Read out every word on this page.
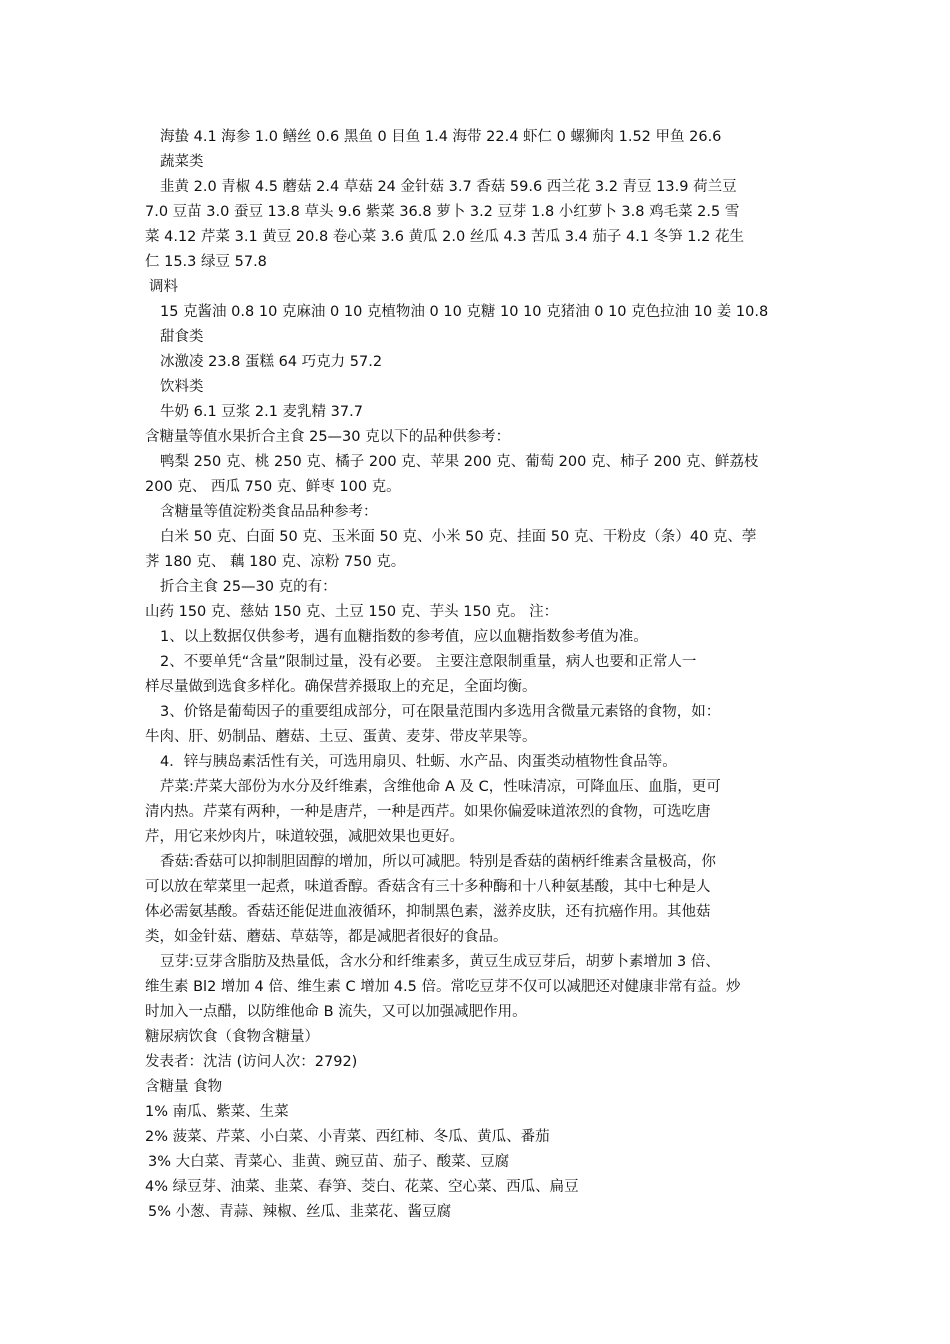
海蛰 4.1 海参 1.0 鳝丝 0.6 黑鱼 0 目鱼 1.4 海带 22.4 虾仁 0 螺狮肉 1.52 甲鱼 26.6
蔬菜类
韭黄 2.0 青椒 4.5 蘑菇 2.4 草菇 24 金针菇 3.7 香菇 59.6 西兰花 3.2 青豆 13.9 荷兰豆
7.0 豆苗 3.0 蚕豆 13.8 草头 9.6 紫菜 36.8 萝卜 3.2 豆芽 1.8 小红萝卜 3.8 鸡毛菜 2.5 雪
菜 4.12 芹菜 3.1 黄豆 20.8 卷心菜 3.6 黄瓜 2.0 丝瓜 4.3 苦瓜 3.4 茄子 4.1 冬笋 1.2 花生
仁 15.3 绿豆 57.8
调料
15 克酱油 0.8 10 克麻油 0 10 克植物油 0 10 克糖 10 10 克猪油 0 10 克色拉油 10 姜 10.8
甜食类
冰激凌 23.8 蛋糕 64 巧克力 57.2
饮料类
牛奶 6.1 豆浆 2.1 麦乳精 37.7
含糖量等值水果折合主食 25—30 克以下的品种供参考：
鸭梨 250 克、桃 250 克、橘子 200 克、苹果 200 克、葡萄 200 克、柿子 200 克、鲜荔枝
200 克、 西瓜 750 克、鲜枣 100 克。
含糖量等值淀粉类食品品种参考：
白米 50 克、白面 50 克、玉米面 50 克、小米 50 克、挂面 50 克、干粉皮（条）40 克、荸
荠 180 克、 藕 180 克、凉粉 750 克。
折合主食 25—30 克的有：
山药 150 克、慈姑 150 克、土豆 150 克、芋头 150 克。 注：
1、以上数据仅供参考，遇有血糖指数的参考值，应以血糖指数参考值为准。
2、不要单凭“含量”限制过量，没有必要。 主要注意限制重量，病人也要和正常人一
样尽量做到选食多样化。确保营养摄取上的充足，全面均衡。
3、价铬是葡萄因子的重要组成部分，可在限量范围内多选用含微量元素铬的食物，如：
牛肉、肝、奶制品、蘑菇、土豆、蛋黄、麦芽、带皮苹果等。
4．锌与胰岛素活性有关，可选用扇贝、牡蛎、水产品、肉蛋类动植物性食品等。
芹菜:芹菜大部份为水分及纤维素，含维他命 A 及 C，性味清凉，可降血压、血脂，更可
清内热。芹菜有两种，一种是唐芹，一种是西芹。如果你偏爱味道浓烈的食物，可选吃唐
芹，用它来炒肉片，味道较强，减肥效果也更好。
香菇:香菇可以抑制胆固醇的增加，所以可减肥。特别是香菇的菌柄纤维素含量极高，你
可以放在荤菜里一起煮，味道香醇。香菇含有三十多种酶和十八种氨基酸，其中七种是人
体必需氨基酸。香菇还能促进血液循环，抑制黑色素，滋养皮肤，还有抗癌作用。其他菇
类，如金针菇、蘑菇、草菇等，都是减肥者很好的食品。
豆芽:豆芽含脂肪及热量低，含水分和纤维素多，黄豆生成豆芽后，胡萝卜素增加 3 倍、
维生素 Bl2 增加 4 倍、维生素 C 增加 4.5 倍。常吃豆芽不仅可以减肥还对健康非常有益。炒
时加入一点醋，以防维他命 B 流失，又可以加强减肥作用。
糖尿病饮食（食物含糖量）
发表者：沈洁 (访问人次：2792)
含糖量 食物
1% 南瓜、紫菜、生菜
2% 菠菜、芹菜、小白菜、小青菜、西红柿、冬瓜、黄瓜、番茄
3% 大白菜、青菜心、韭黄、豌豆苗、茄子、酸菜、豆腐
4% 绿豆芽、油菜、韭菜、春笋、茭白、花菜、空心菜、西瓜、扁豆
5% 小葱、青蒜、辣椒、丝瓜、韭菜花、酱豆腐
